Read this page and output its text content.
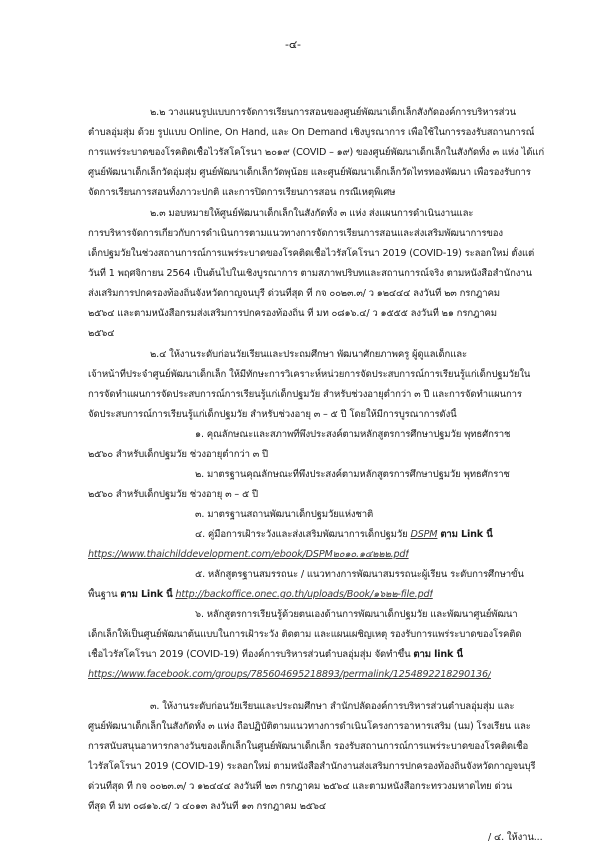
-๔-
๒.๒ วางแผนรูปแบบการจัดการเรียนการสอนของศูนย์พัฒนาเด็กเล็กสังกัดองค์การบริหารส่วน
ตำบลอุ่มสุ่ม ด้วย รูปแบบ Online, On Hand, และ On Demand เชิงบูรณาการ เพื่อใช้ในการรองรับสถานการณ์
การแพร่ระบาดของโรคติดเชื้อไวรัสโคโรนา ๒๐๑๙ (COVID – ๑๙) ของศูนย์พัฒนาเด็กเล็กในสังกัดทั้ง ๓ แห่ง ได้แก่
ศูนย์พัฒนาเด็กเล็กวัดอุ่มสุ่ม ศูนย์พัฒนาเด็กเล็กวัดพุน้อย และศูนย์พัฒนาเด็กเล็กวัดไทรทองพัฒนา เพื่อรองรับการ
จัดการเรียนการสอนทั้งภาวะปกติ และการปิดการเรียนการสอน กรณีเหตุพิเศษ
๒.๓ มอบหมายให้ศูนย์พัฒนาเด็กเล็กในสังกัดทั้ง ๓ แห่ง ส่งแผนการดำเนินงานและ
การบริหารจัดการเกี่ยวกับการดำเนินการตามแนวทางการจัดการเรียนการสอนและส่งเสริมพัฒนาการของ
เด็กปฐมวัยในช่วงสถานการณ์การแพร่ระบาดของโรคติดเชื้อไวรัสโคโรนา 2019 (COVID-19) ระลอกใหม่ ตั้งแต่
วันที่ 1 พฤศจิกายน 2564 เป็นต้นไปในเชิงบูรณาการ ตามสภาพปริบทและสถานการณ์จริง ตามหนังสือสำนักงาน
ส่งเสริมการปกครองท้องถิ่นจังหวัดกาญจนบุรี ด่วนที่สุด ที่ กจ ๐๐๒๓.๓/ ว ๑๒๔๔๔ ลงวันที่ ๒๓ กรกฎาคม
๒๕๖๔ และตามหนังสือกรมส่งเสริมการปกครองท้องถิ่น ที่ มท ๐๘๑๖.๔/ ว ๑๕๕๕ ลงวันที่ ๒๑ กรกฎาคม
๒๕๖๔
๒.๔ ให้งานระดับก่อนวัยเรียนและประถมศึกษา พัฒนาศักยภาพครู ผู้ดูแลเด็กและ
เจ้าหน้าที่ประจำศูนย์พัฒนาเด็กเล็ก ให้มีทักษะการวิเคราะห์หน่วยการจัดประสบการณ์การเรียนรู้แก่เด็กปฐมวัยใน
การจัดทำแผนการจัดประสบการณ์การเรียนรู้แก่เด็กปฐมวัย สำหรับช่วงอายุต่ำกว่า ๓ ปี และการจัดทำแผนการ
จัดประสบการณ์การเรียนรู้แก่เด็กปฐมวัย สำหรับช่วงอายุ ๓ – ๕ ปี โดยให้มีการบูรณาการดังนี้
๑. คุณลักษณะและสภาพที่พึงประสงค์ตามหลักสูตรการศึกษาปฐมวัย พุทธศักราช
๒๕๖๐ สำหรับเด็กปฐมวัย ช่วงอายุต่ำกว่า ๓ ปี
๒. มาตรฐานคุณลักษณะที่พึงประสงค์ตามหลักสูตรการศึกษาปฐมวัย พุทธศักราช
๒๕๖๐ สำหรับเด็กปฐมวัย ช่วงอายุ ๓ – ๕ ปี
๓. มาตรฐานสถานพัฒนาเด็กปฐมวัยแห่งชาติ
๔. คู่มือการเฝ้าระวังและส่งเสริมพัฒนาการเด็กปฐมวัย DSPM ตาม Link นี้
https://www.thaichilddevelopment.com/ebook/DSPM๒๐๑๐.๑๔๒๒๒.pdf
๕. หลักสูตรฐานสมรรถนะ / แนวทางการพัฒนาสมรรถนะผู้เรียน ระดับการศึกษาขั้น
พื้นฐาน ตาม Link นี้ http://backoffice.onec.go.th/uploads/Book/๑๖๒๒-file.pdf
๖. หลักสูตรการเรียนรู้ด้วยตนเองด้านการพัฒนาเด็กปฐมวัย และพัฒนาศูนย์พัฒนา
เด็กเล็กให้เป็นศูนย์พัฒนาต้นแบบในการเฝ้าระวัง ติดตาม และแผนเผชิญเหตุ รองรับการแพร่ระบาดของโรคติด
เชื้อไวรัสโคโรนา 2019 (COVID-19) ที่องค์การบริหารส่วนตำบลอุ่มสุ่ม จัดทำขึ้น ตาม link นี้
https://www.facebook.com/groups/785604695218893/permalink/1254892218290136/
๓. ให้งานระดับก่อนวัยเรียนและประถมศึกษา สำนักปลัดองค์การบริหารส่วนตำบลอุ่มสุ่ม และ
ศูนย์พัฒนาเด็กเล็กในสังกัดทั้ง ๓ แห่ง ถือปฏิบัติตามแนวทางการดำเนินโครงการอาหารเสริม (นม) โรงเรียน และ
การสนับสนุนอาหารกลางวันของเด็กเล็กในศูนย์พัฒนาเด็กเล็ก รองรับสถานการณ์การแพร่ระบาดของโรคติดเชื้อ
ไวรัสโคโรนา 2019 (COVID-19) ระลอกใหม่ ตามหนังสือสำนักงานส่งเสริมการปกครองท้องถิ่นจังหวัดกาญจนบุรี
ด่วนที่สุด ที่ กจ ๐๐๒๓.๓/ ว ๑๒๔๔๔ ลงวันที่ ๒๓ กรกฎาคม ๒๕๖๔ และตามหนังสือกระทรวงมหาดไทย ด่วน
ที่สุด ที่ มท ๐๘๑๖.๔/ ว ๔๐๑๓ ลงวันที่ ๑๓ กรกฎาคม ๒๕๖๔
/ ๔. ให้งาน...
